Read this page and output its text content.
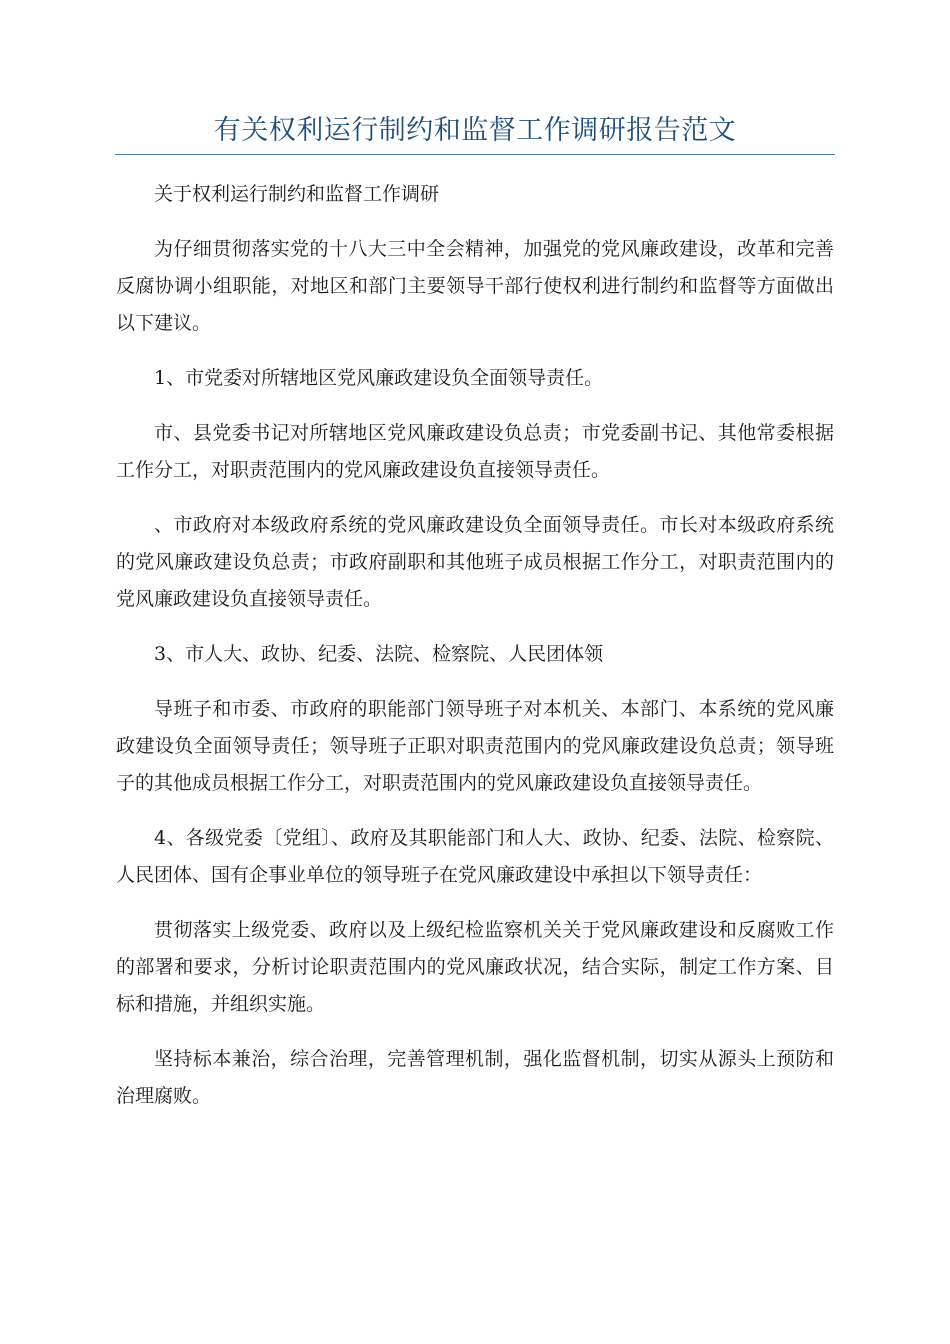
有关权利运行制约和监督工作调研报告范文

关于权利运行制约和监督工作调研

为仔细贯彻落实党的十八大三中全会精神，加强党的党风廉政建设，改革和完善反腐协调小组职能，对地区和部门主要领导干部行使权利进行制约和监督等方面做出以下建议。

1、市党委对所辖地区党风廉政建设负全面领导责任。

市、县党委书记对所辖地区党风廉政建设负总责；市党委副书记、其他常委根据工作分工，对职责范围内的党风廉政建设负直接领导责任。

、市政府对本级政府系统的党风廉政建设负全面领导责任。市长对本级政府系统的党风廉政建设负总责；市政府副职和其他班子成员根据工作分工，对职责范围内的党风廉政建设负直接领导责任。

3、市人大、政协、纪委、法院、检察院、人民团体领

导班子和市委、市政府的职能部门领导班子对本机关、本部门、本系统的党风廉政建设负全面领导责任；领导班子正职对职责范围内的党风廉政建设负总责；领导班子的其他成员根据工作分工，对职责范围内的党风廉政建设负直接领导责任。

4、各级党委〔党组〕、政府及其职能部门和人大、政协、纪委、法院、检察院、人民团体、国有企事业单位的领导班子在党风廉政建设中承担以下领导责任：

贯彻落实上级党委、政府以及上级纪检监察机关关于党风廉政建设和反腐败工作的部署和要求，分析讨论职责范围内的党风廉政状况，结合实际，制定工作方案、目标和措施，并组织实施。

坚持标本兼治，综合治理，完善管理机制，强化监督机制，切实从源头上预防和治理腐败。
